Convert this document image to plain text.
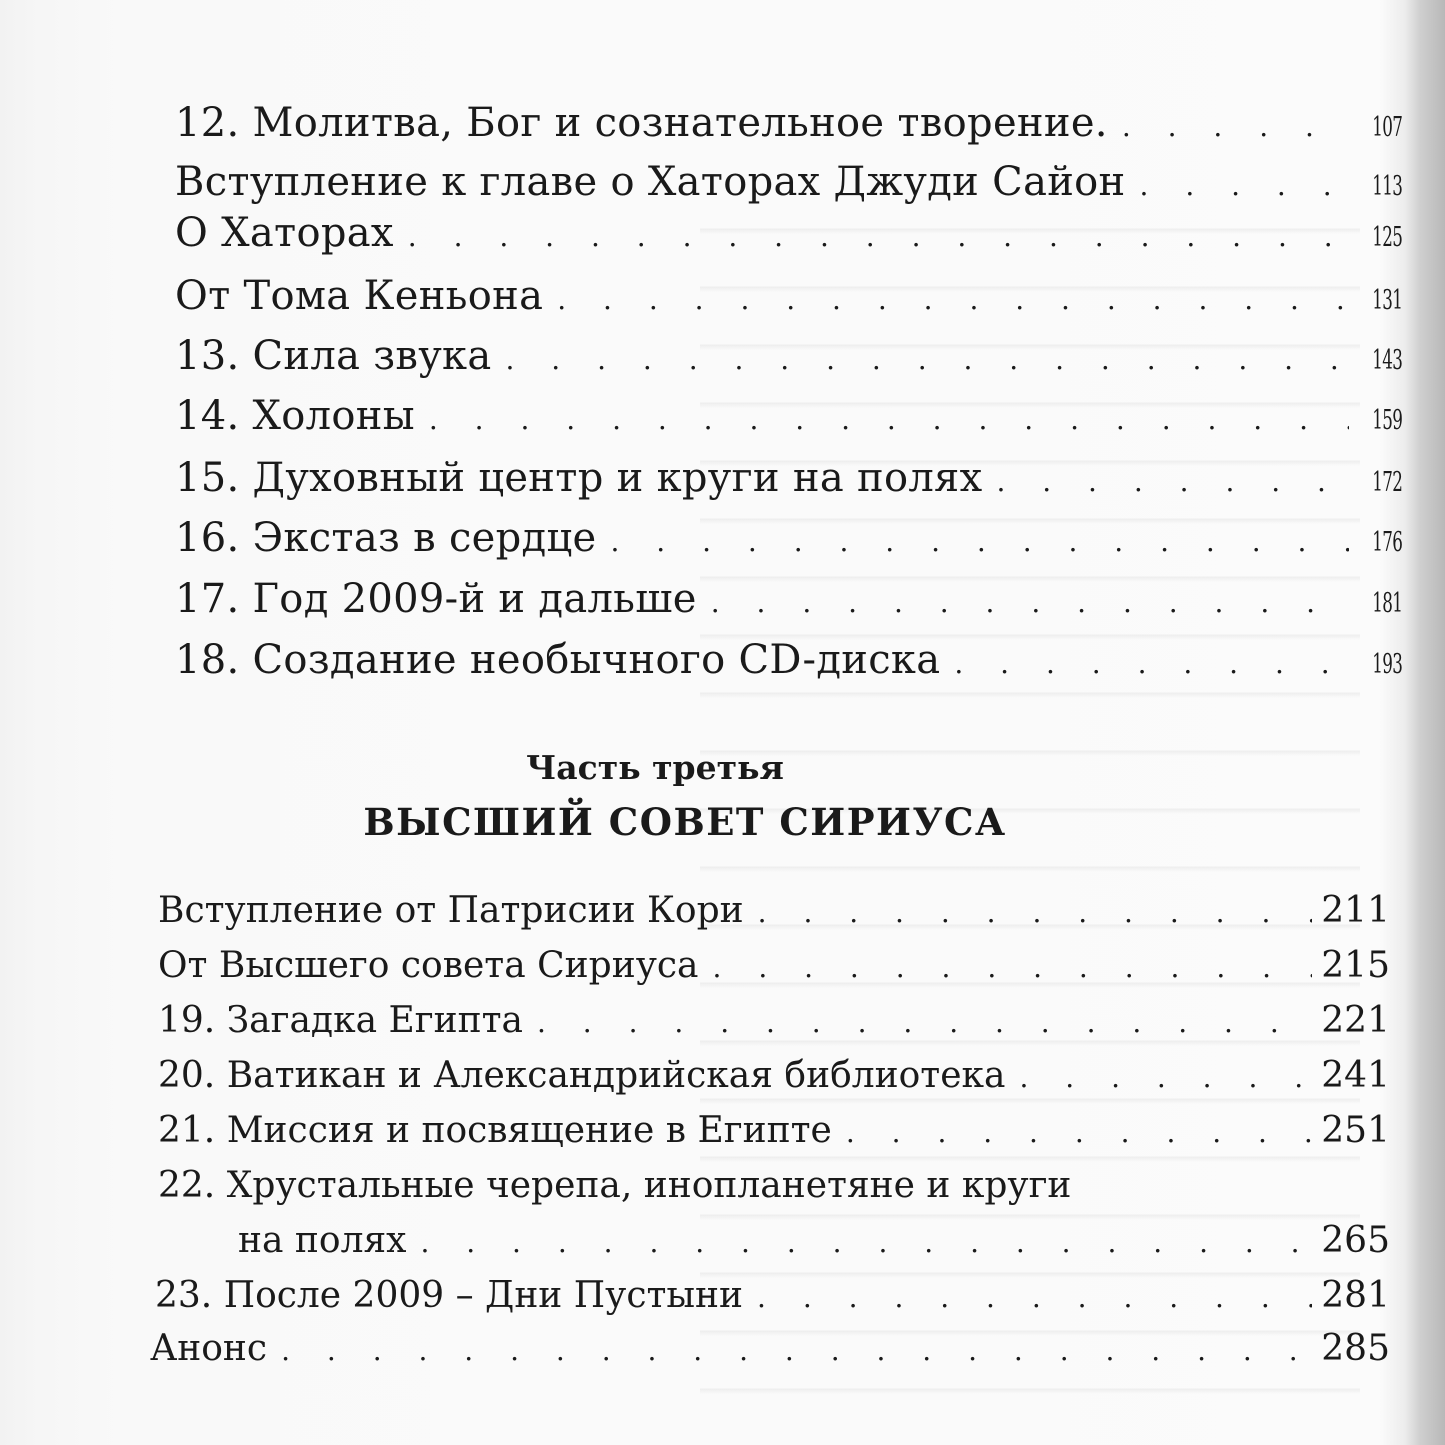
12. Молитва, Бог и сознательное творение. . . .	107
Вступление к главе о Хаторах Джуди Сайон . . .	113
О Хаторах . . .	125
От Тома Кеньона . . .	131
13. Сила звука . . .	143
14. Холоны . . .	159
15. Духовный центр и круги на полях . . .	172
16. Экстаз в сердце . . .	176
17. Год 2009-й и дальше . . .	181
18. Создание необычного CD-диска . . .	193
Часть третья
ВЫСШИЙ СОВЕТ СИРИУСА
Вступление от Патрисии Кори . . .	211
От Высшего совета Сириуса . . .	215
19. Загадка Египта . . .	221
20. Ватикан и Александрийская библиотека . . .	241
21. Миссия и посвящение в Египте . . .	251
22. Хрустальные черепа, инопланетяне и круги
на полях . . .	265
23. После 2009 – Дни Пустыни . . .	281
Анонс . . .	285
